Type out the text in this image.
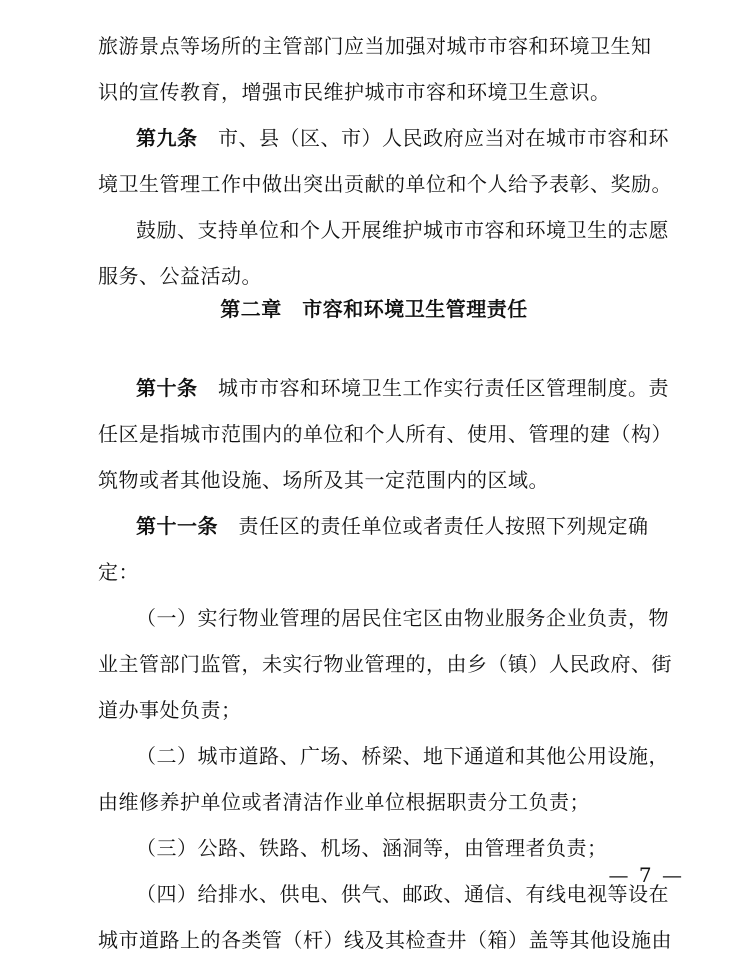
旅游景点等场所的主管部门应当加强对城市市容和环境卫生知
识的宣传教育，增强市民维护城市市容和环境卫生意识。
第九条　 市、县（区、市）人民政府应当对在城市市容和环
境卫生管理工作中做出突出贡献的单位和个人给予表彰、奖励。
鼓励、支持单位和个人开展维护城市市容和环境卫生的志愿
服务、公益活动。
第二章　市容和环境卫生管理责任
第十条　 城市市容和环境卫生工作实行责任区管理制度。责
任区是指城市范围内的单位和个人所有、使用、管理的建（构）
筑物或者其他设施、场所及其一定范围内的区域。
第十一条　 责任区的责任单位或者责任人按照下列规定确
定：
（一）实行物业管理的居民住宅区由物业服务企业负责，物
业主管部门监管，未实行物业管理的，由乡（镇）人民政府、街
道办事处负责；
（二）城市道路、广场、桥梁、地下通道和其他公用设施，
由维修养护单位或者清洁作业单位根据职责分工负责；
（三）公路、铁路、机场、涵洞等，由管理者负责；
（四）给排水、供电、供气、邮政、通信、有线电视等设在
城市道路上的各类管（杆）线及其检查井（箱）盖等其他设施由
— 7 —
